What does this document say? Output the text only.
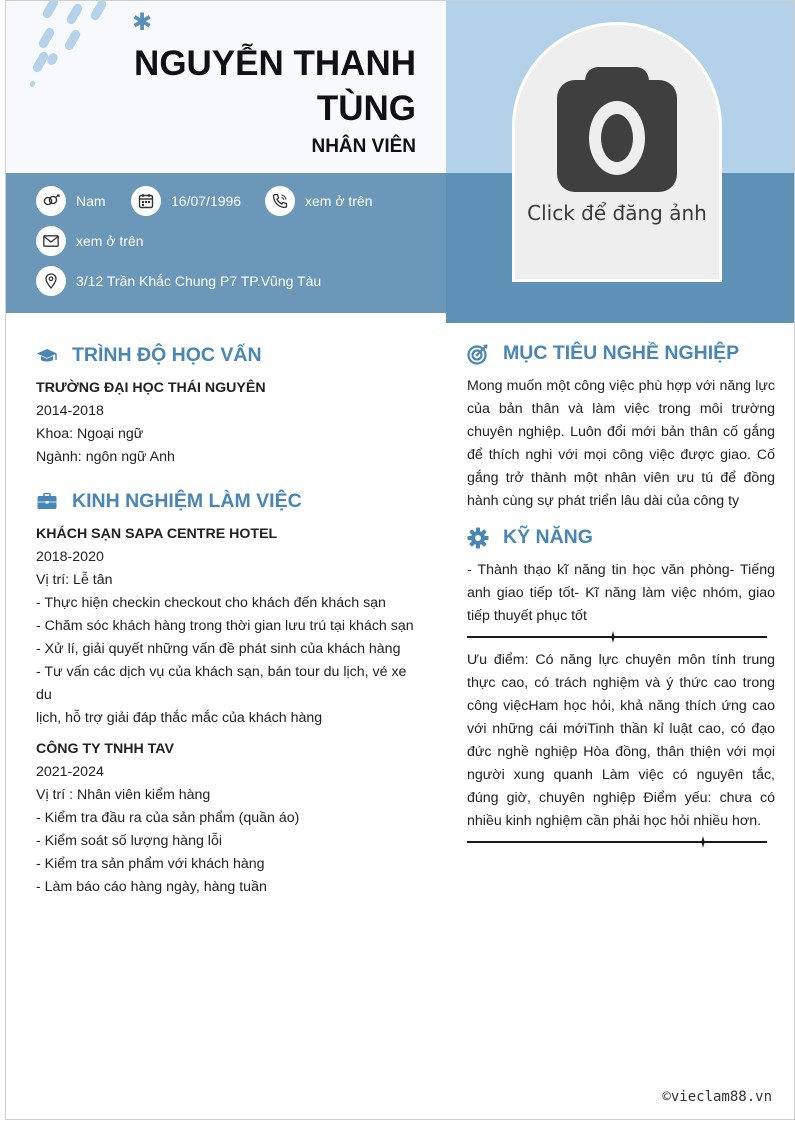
✱
NGUYỄN THANH TÙNG
NHÂN VIÊN
Nam	16/07/1996	xem ở trên
xem ở trên
3/12 Trần Khắc Chung P7 TP.Vũng Tàu
TRÌNH ĐỘ HỌC VẤN
TRƯỜNG ĐẠI HỌC THÁI NGUYÊN
2014-2018
Khoa: Ngoại ngữ
Ngành: ngôn ngữ Anh
KINH NGHIỆM LÀM VIỆC
KHÁCH SẠN SAPA CENTRE HOTEL
2018-2020
Vị trí: Lễ tân
- Thực hiện checkin checkout cho khách đến khách sạn
- Chăm sóc khách hàng trong thời gian lưu trú tại khách sạn
- Xử lí, giải quyết những vấn đề phát sinh của khách hàng
- Tư vấn các dịch vụ của khách sạn, bán tour du lịch, vé xe du
lịch, hỗ trợ giải đáp thắc mắc của khách hàng
CÔNG TY TNHH TAV
2021-2024
Vị trí : Nhân viên kiểm hàng
- Kiểm tra đầu ra của sản phẩm (quần áo)
- Kiểm soát số lượng hàng lỗi
- Kiểm tra sản phẩm với khách hàng
- Làm báo cáo hàng ngày, hàng tuần
MỤC TIÊU NGHỀ NGHIỆP
Mong muốn một công việc phù hợp với năng lực của bản thân và làm việc trong môi trường chuyên nghiệp. Luôn đổi mới bản thân cố gắng để thích nghi với mọi công việc được giao. Cố gắng trở thành một nhân viên ưu tú để đồng hành cùng sự phát triển lâu dài của công ty
KỸ NĂNG
- Thành thạo kĩ năng tin học văn phòng- Tiếng anh giao tiếp tốt- Kĩ năng làm việc nhóm, giao tiếp thuyết phục tốt
Ưu điểm: Có năng lực chuyên môn tính trung thực cao, có trách nghiệm và ý thức cao trong công việcHam học hỏi, khả năng thích ứng cao với những cái mớiTinh thần kỉ luật cao, có đạo đức nghề nghiệp Hòa đồng, thân thiện với mọi người xung quanh Làm việc có nguyên tắc, đúng giờ, chuyên nghiệp Điểm yếu: chưa có nhiều kinh nghiệm cần phải học hỏi nhiều hơn.
©vieclam88.vn
Click để đăng ảnh
